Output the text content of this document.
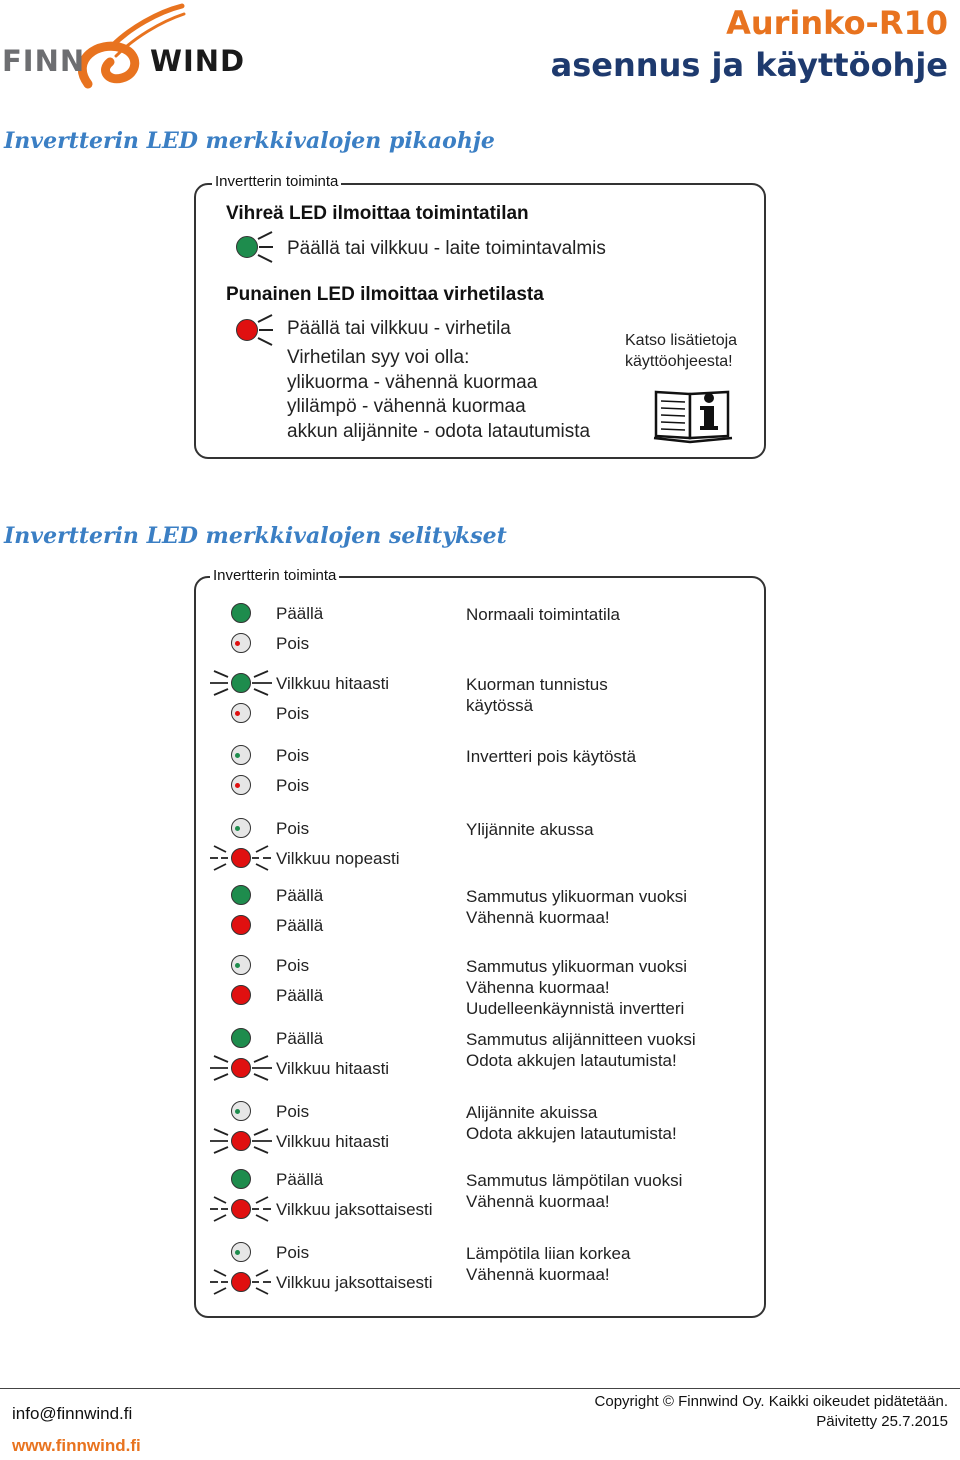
FINN WIND
Aurinko-R10
asennus ja käyttöohje
Invertterin LED merkkivalojen pikaohje
Invertterin toiminta
Vihreä LED ilmoittaa toimintatilan
Päällä tai vilkkuu - laite toimintavalmis
Punainen LED ilmoittaa virhetilasta
Päällä tai vilkkuu - virhetila
Virhetilan syy voi olla:
ylikuorma - vähennä kuormaa
ylilämpö - vähennä kuormaa
akkun alijännite - odota latautumista
Katso lisätietoja
käyttöohjeesta!
Invertterin LED merkkivalojen selitykset
Invertterin toiminta
Päällä
Pois
Normaali toimintatila
Vilkkuu hitaasti
Pois
Kuorman tunnistus
käytössä
Pois
Pois
Invertteri pois käytöstä
Pois
Vilkkuu nopeasti
Ylijännite akussa
Päällä
Päällä
Sammutus ylikuorman vuoksi
Vähennä kuormaa!
Pois
Päällä
Sammutus ylikuorman vuoksi
Vähenna kuormaa!
Uudelleenkäynnistä invertteri
Päällä
Vilkkuu hitaasti
Sammutus alijännitteen vuoksi
Odota akkujen latautumista!
Pois
Vilkkuu hitaasti
Alijännite akuissa
Odota akkujen latautumista!
Päällä
Vilkkuu jaksottaisesti
Sammutus lämpötilan vuoksi
Vähennä kuormaa!
Pois
Vilkkuu jaksottaisesti
Lämpötila liian korkea
Vähennä kuormaa!
info@finnwind.fi
www.finnwind.fi
Copyright © Finnwind Oy. Kaikki oikeudet pidätetään.
Päivitetty 25.7.2015
